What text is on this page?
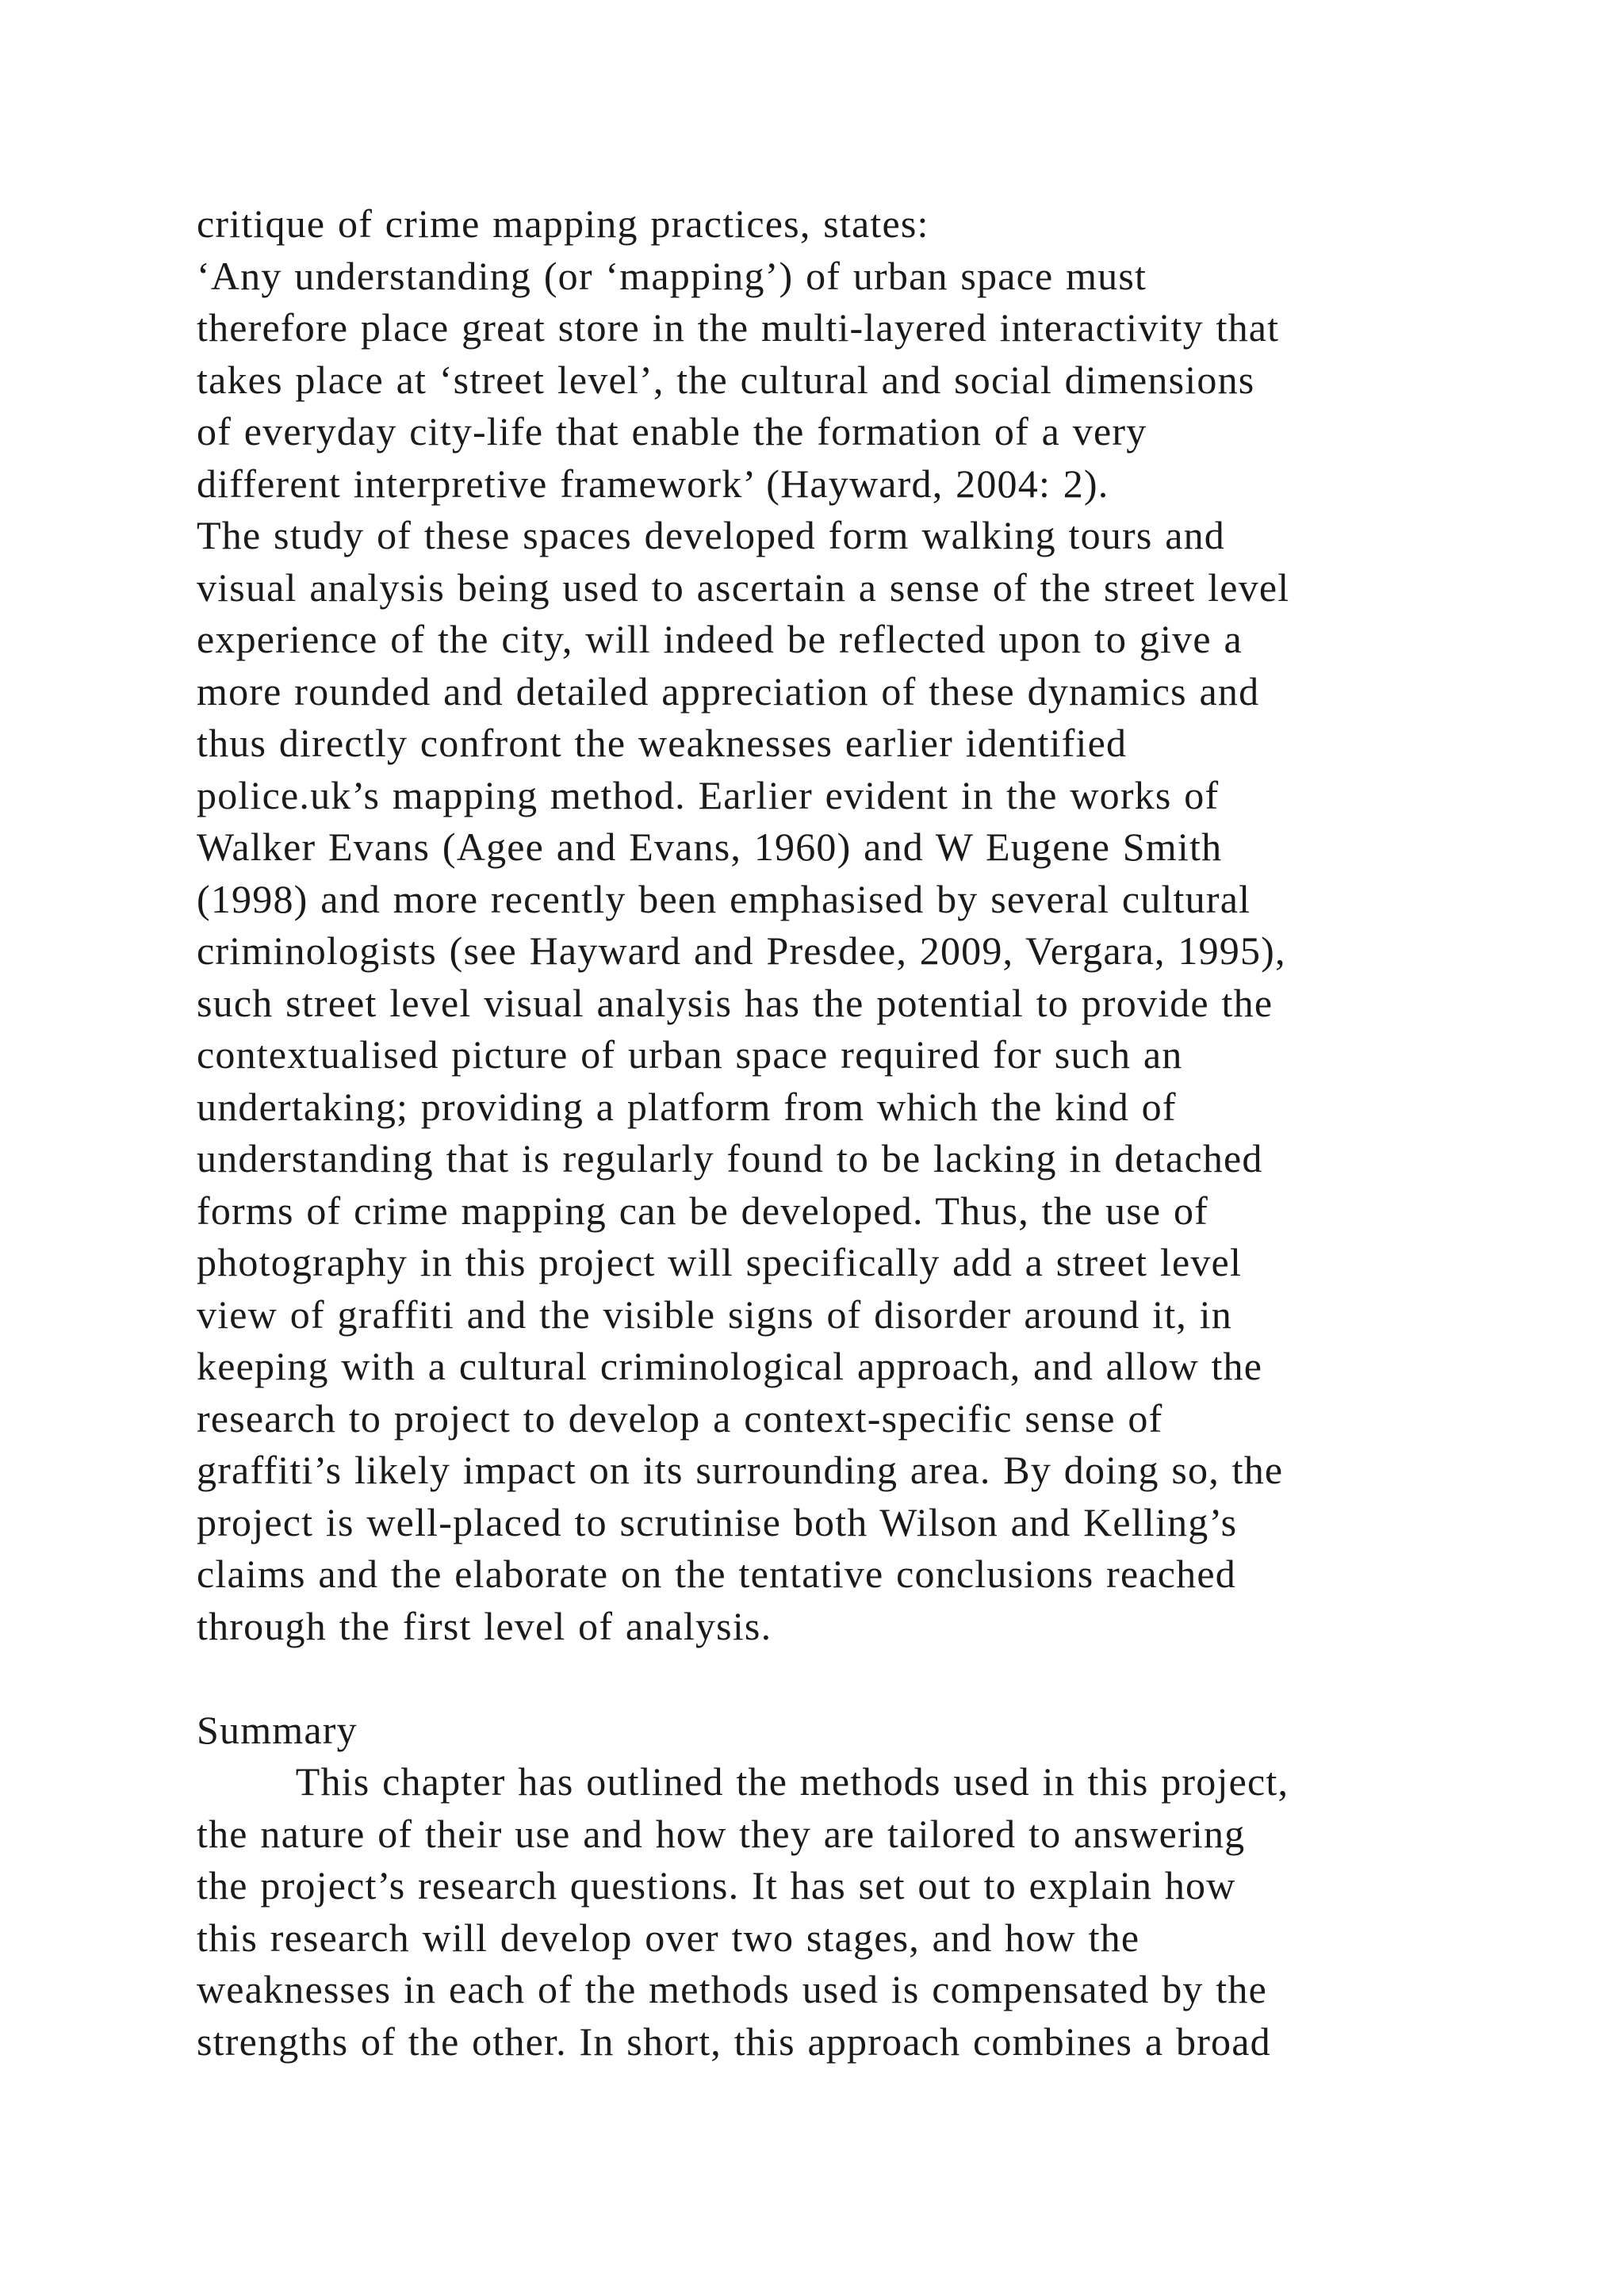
critique of crime mapping practices, states:
‘Any understanding (or ‘mapping’) of urban space must
therefore place great store in the multi-layered interactivity that
takes place at ‘street level’, the cultural and social dimensions
of everyday city-life that enable the formation of a very
different interpretive framework’ (Hayward, 2004: 2).
The study of these spaces developed form walking tours and
visual analysis being used to ascertain a sense of the street level
experience of the city, will indeed be reflected upon to give a
more rounded and detailed appreciation of these dynamics and
thus directly confront the weaknesses earlier identified
police.uk’s mapping method. Earlier evident in the works of
Walker Evans (Agee and Evans, 1960) and W Eugene Smith
(1998) and more recently been emphasised by several cultural
criminologists (see Hayward and Presdee, 2009, Vergara, 1995),
such street level visual analysis has the potential to provide the
contextualised picture of urban space required for such an
undertaking; providing a platform from which the kind of
understanding that is regularly found to be lacking in detached
forms of crime mapping can be developed. Thus, the use of
photography in this project will specifically add a street level
view of graffiti and the visible signs of disorder around it, in
keeping with a cultural criminological approach, and allow the
research to project to develop a context-specific sense of
graffiti’s likely impact on its surrounding area. By doing so, the
project is well-placed to scrutinise both Wilson and Kelling’s
claims and the elaborate on the tentative conclusions reached
through the first level of analysis.
Summary
This chapter has outlined the methods used in this project,
the nature of their use and how they are tailored to answering
the project’s research questions. It has set out to explain how
this research will develop over two stages, and how the
weaknesses in each of the methods used is compensated by the
strengths of the other. In short, this approach combines a broad
